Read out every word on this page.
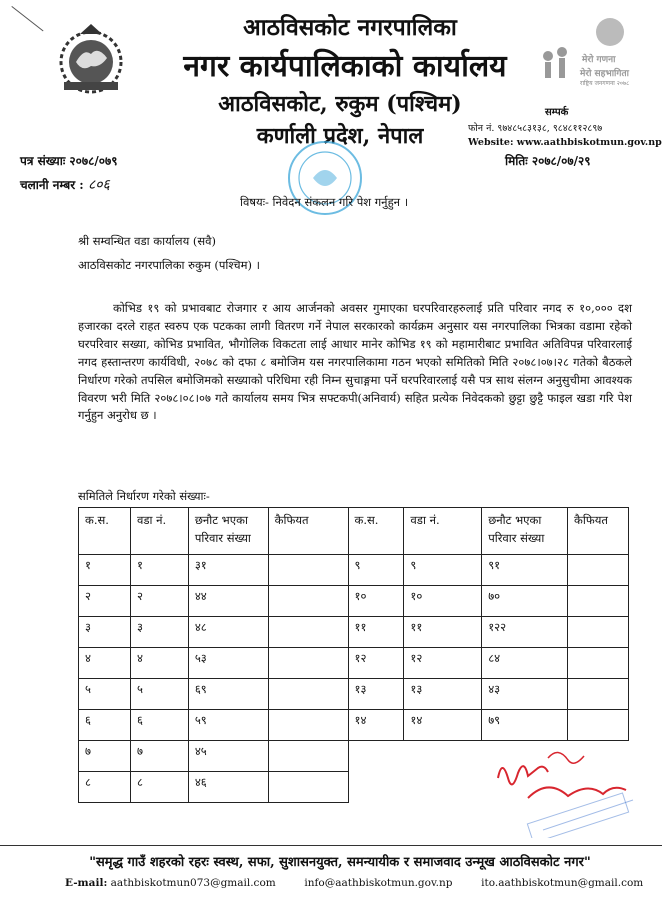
आठविसकोट नगरपालिका
नगर कार्यपालिकाको कार्यालय
आठविसकोट, रुकुम (पश्चिम)
कर्णाली प्रदेश, नेपाल
मेरो गणना
मेरो सहभागिता
राष्ट्रिय जनगणना २०७८
सम्पर्क
फोन नं. ९७४८५८३१३८, ९८४८११२८९७
Website: www.aathbiskotmun.gov.np
पत्र संख्याः २०७८/०७९
चलानी नम्बर : ८०६
मितिः २०७८/०७/२९
विषयः- निवेदन संकलन गरि पेश गर्नुहुन ।
श्री सम्वन्धित वडा कार्यालय (सवै)
आठविसकोट नगरपालिका रुकुम (पश्चिम) ।
कोभिड १९ को प्रभावबाट रोजगार र आय आर्जनको अवसर गुमाएका घरपरिवारहरुलाई प्रति परिवार नगद रु १०,००० दश हजारका दरले राहत स्वरुप एक पटकका लागी वितरण गर्ने नेपाल सरकारको कार्यक्रम अनुसार यस नगरपालिका भित्रका वडामा रहेको घरपरिवार सख्या, कोभिड प्रभावित, भौगोलिक विकटता लाई आधार मानेर कोभिड १९ को महामारीबाट प्रभावित अतिविपन्न परिवारलाई नगद हस्तान्तरण कार्यविधी, २०७८ को दफा ८ बमोजिम यस नगरपालिकामा गठन भएको समितिको मिति २०७८।०७।२८ गतेको बैठकले निर्धारण गरेको तपसिल बमोजिमको सख्याको परिधिमा रही निम्न सुचाङ्गमा पर्ने घरपरिवारलाई यसै पत्र साथ संलग्न अनुसुचीमा आवश्यक विवरण भरी मिति २०७८।०८।०७ गते कार्यालय समय भित्र सफ्टकपी(अनिवार्य) सहित प्रत्येक निवेदकको छुट्टा छुट्टै फाइल खडा गरि पेश गर्नुहुन अनुरोध छ ।
समितिले निर्धारण गरेको संख्याः-
क.स.	वडा नं.	छनौट भएका परिवार संख्या	कैफियत	क.स.	वडा नं.	छनौट भएका परिवार संख्या	कैफियत
१	१	३१		९	९	९१	
२	२	४४		१०	१०	७०	
३	३	४८		११	११	१२२	
४	४	५३		१२	१२	८४	
५	५	६९		१३	१३	४३	
६	६	५९		१४	१४	७९	
७	७	४५					
८	८	४६					
"समृद्ध गाउँ शहरको रहरः स्वस्थ, सफा, सुशासनयुक्त, समन्यायीक र समाजवाद उन्मूख आठविसकोट नगर"
E-mail: aathbiskotmun073@gmail.com	info@aathbiskotmun.gov.np	ito.aathbiskotmun@gmail.com
